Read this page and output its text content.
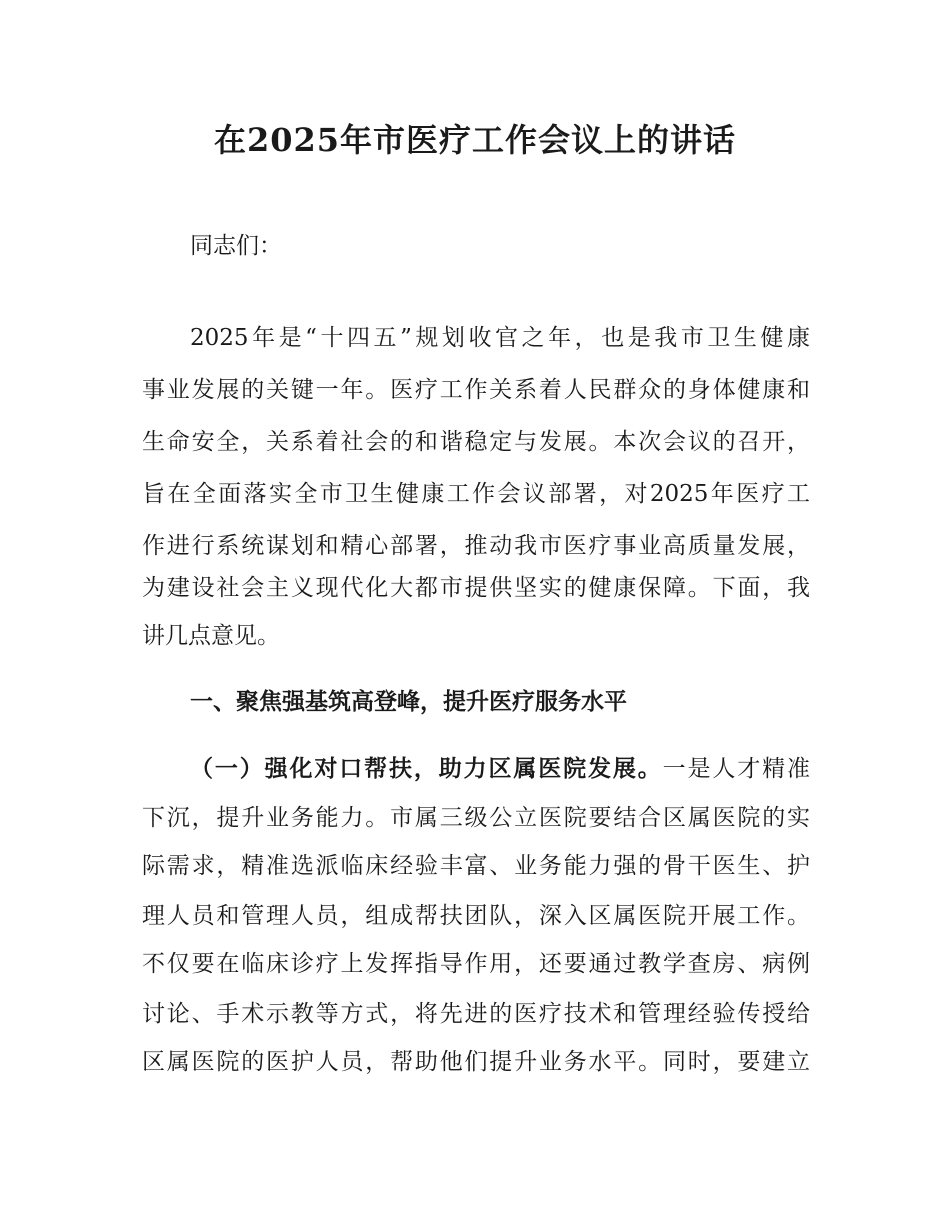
在2025年市医疗工作会议上的讲话
同志们：
2025年是“十四五”规划收官之年，也是我市卫生健康
事业发展的关键一年。医疗工作关系着人民群众的身体健康和
生命安全，关系着社会的和谐稳定与发展。本次会议的召开，
旨在全面落实全市卫生健康工作会议部署，对2025年医疗工
作进行系统谋划和精心部署，推动我市医疗事业高质量发展，
为建设社会主义现代化大都市提供坚实的健康保障。下面，我
讲几点意见。
一、聚焦强基筑高登峰，提升医疗服务水平
（一）强化对口帮扶，助力区属医院发展。一是人才精准
下沉，提升业务能力。市属三级公立医院要结合区属医院的实
际需求，精准选派临床经验丰富、业务能力强的骨干医生、护
理人员和管理人员，组成帮扶团队，深入区属医院开展工作。
不仅要在临床诊疗上发挥指导作用，还要通过教学查房、病例
讨论、手术示教等方式，将先进的医疗技术和管理经验传授给
区属医院的医护人员，帮助他们提升业务水平。同时，要建立
